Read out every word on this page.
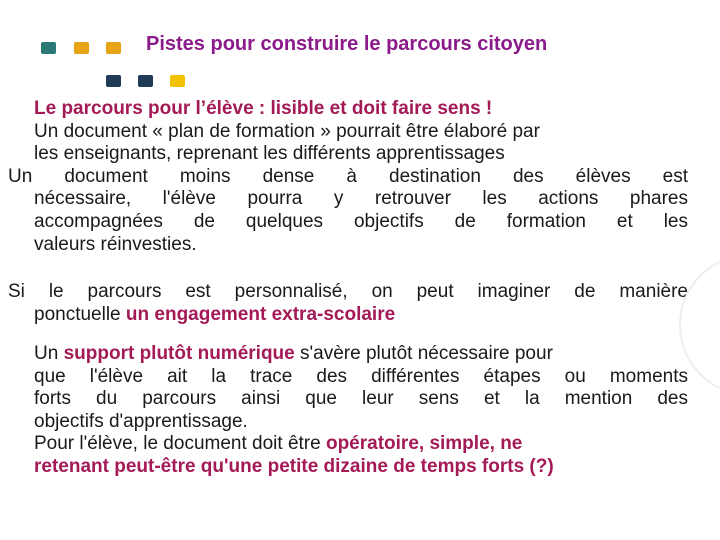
Pistes pour construire le parcours citoyen
Le parcours pour l’élève : lisible et doit faire sens !
Un document « plan de formation » pourrait être élaboré par
les enseignants, reprenant les différents apprentissages
Un document moins dense à destination des élèves est
nécessaire, l'élève pourra y retrouver les actions phares
accompagnées de quelques objectifs de formation et les
valeurs réinvesties.
Si le parcours est personnalisé, on peut imaginer de manière
ponctuelle un engagement extra-scolaire
Un support plutôt numérique s'avère plutôt nécessaire pour
que l'élève ait la trace des différentes étapes ou moments
forts du parcours ainsi que leur sens et la mention des
objectifs d'apprentissage.
Pour l'élève, le document doit être opératoire, simple, ne
retenant peut-être qu'une petite dizaine de temps forts (?)
